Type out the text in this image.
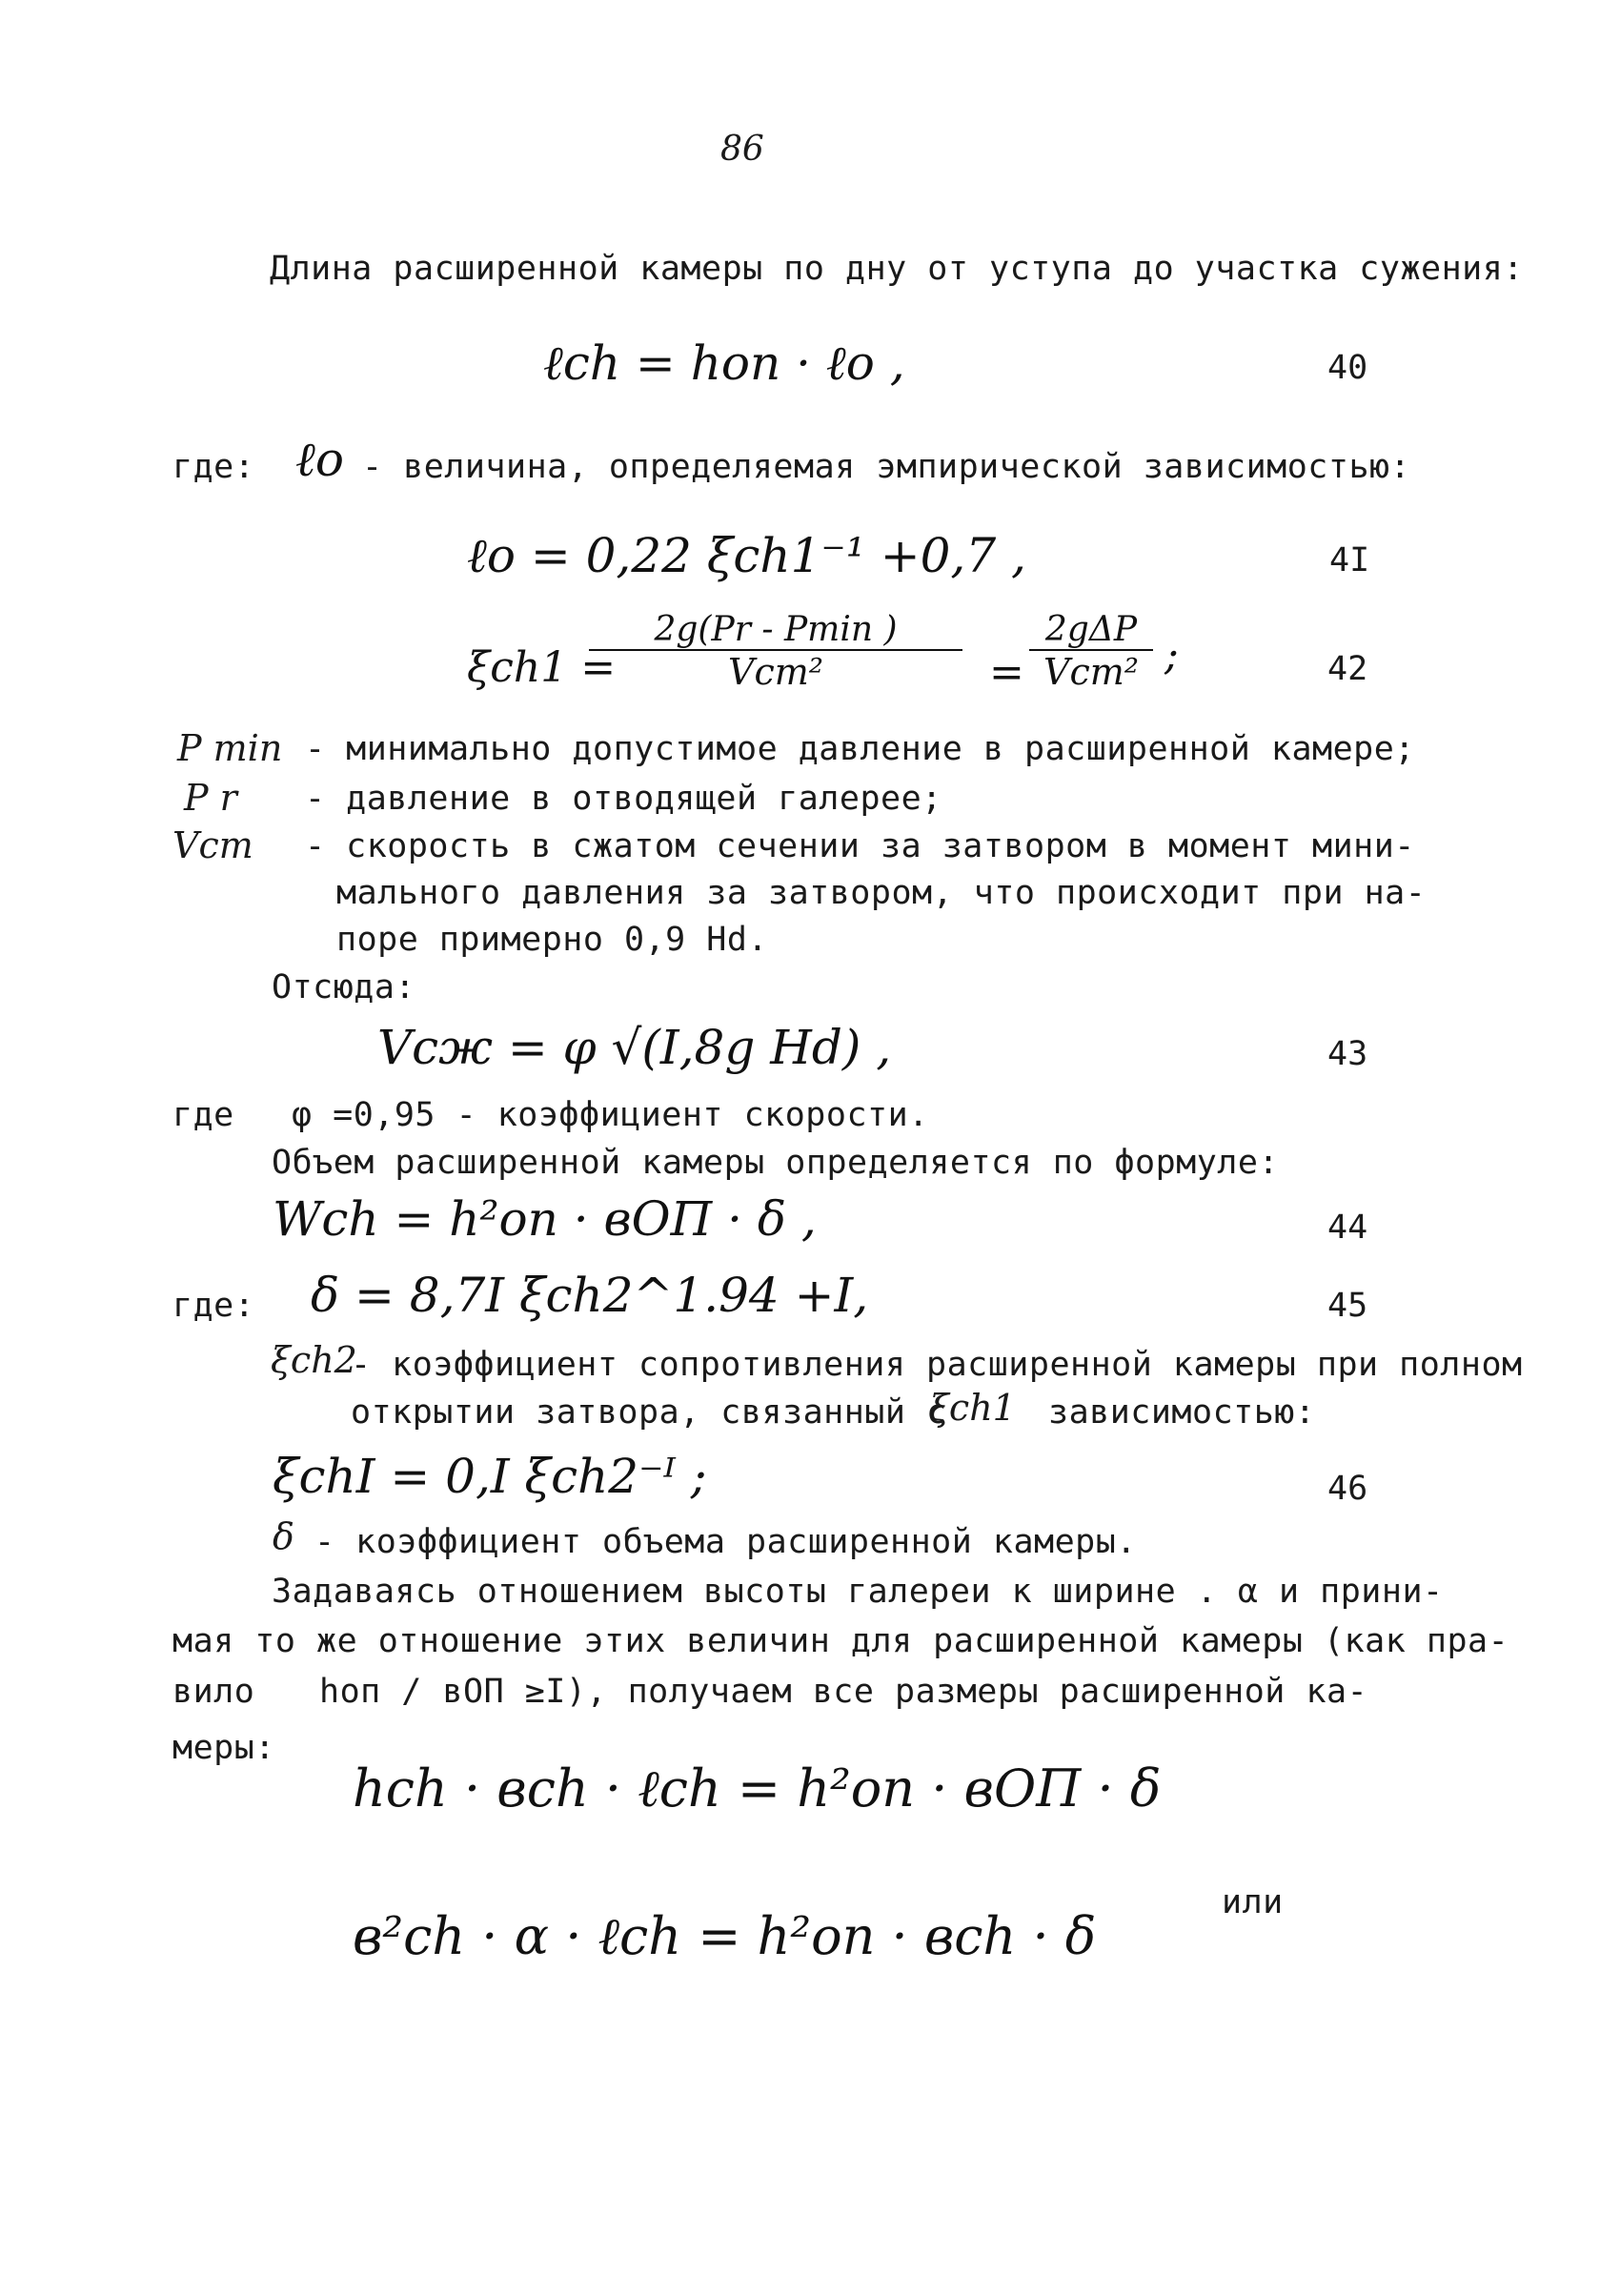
86
Длина расширенной камеры по дну от уступа до участка сужения:
ℓch = hon · ℓo ,	40
где: ℓo - величина, определяемая эмпирической зависимостью:
ℓo = 0,22 ξch1⁻¹ +0,7 ,	4I
ξch1 =
2g(Pr - Pmin )
Vcm²	=
2gΔP
Vcm² ;	42
P min - минимально допустимое давление в расширенной камере;
P r - давление в отводящей галерее;
Vcm - скорость в сжатом сечении за затвором в момент мини-
мального давления за затвором, что происходит при на-
поре примерно 0,9 Hd.
Отсюда:
Vсж = φ √(I,8g Hd) ,	43
где φ =0,95 - коэффициент скорости.
Объем расширенной камеры определяется по формуле:
Wch = h²оп · вОП · δ ,	44
где: δ = 8,7I ξch2^1.94 +I,	45
ξch2
- коэффициент сопротивления расширенной камеры при полном
открытии затвора, связанный с
ξch1 зависимостью:
ξchI = 0,I ξch2⁻ᴵ ;	46
δ - коэффициент объема расширенной камеры.
Задаваясь отношением высоты галереи к ширине . α и прини-
мая то же отношение этих величин для расширенной камеры (как пра-
вило hоп / вОП ≥I), получаем все размеры расширенной ка-
меры:
hch · вch · ℓch = h²оп · вОП · δ
или
в²ch · α · ℓch = h²оп · вch · δ
